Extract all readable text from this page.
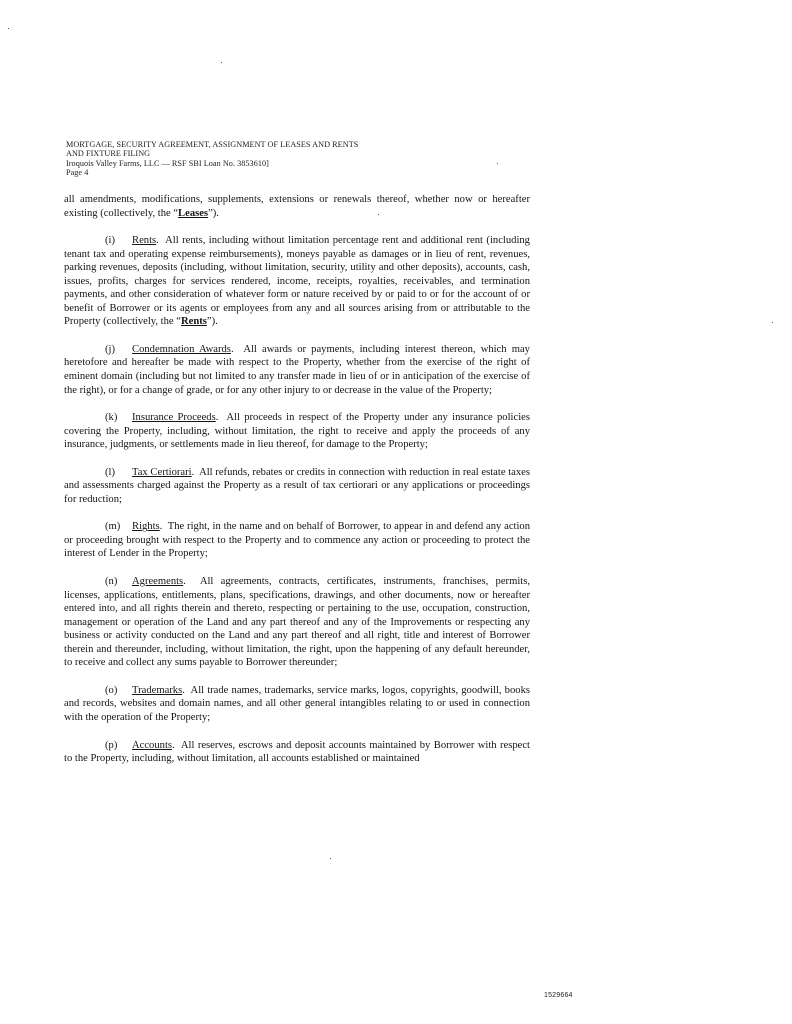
MORTGAGE, SECURITY AGREEMENT, ASSIGNMENT OF LEASES AND RENTS
AND FIXTURE FILING
Iroquois Valley Farms, LLC — RSF SBI Loan No. 3853610]
Page 4

all amendments, modifications, supplements, extensions or renewals thereof, whether now or hereafter existing (collectively, the “Leases”).

(i) Rents.  All rents, including without limitation percentage rent and additional rent (including tenant tax and operating expense reimbursements), moneys payable as damages or in lieu of rent, revenues, parking revenues, deposits (including, without limitation, security, utility and other deposits), accounts, cash, issues, profits, charges for services rendered, income, receipts, royalties, receivables, and termination payments, and other consideration of whatever form or nature received by or paid to or for the account of or benefit of Borrower or its agents or employees from any and all sources arising from or attributable to the Property (collectively, the “Rents”).

(j) Condemnation Awards.  All awards or payments, including interest thereon, which may heretofore and hereafter be made with respect to the Property, whether from the exercise of the right of eminent domain (including but not limited to any transfer made in lieu of or in anticipation of the exercise of the right), or for a change of grade, or for any other injury to or decrease in the value of the Property;

(k) Insurance Proceeds.  All proceeds in respect of the Property under any insurance policies covering the Property, including, without limitation, the right to receive and apply the proceeds of any insurance, judgments, or settlements made in lieu thereof, for damage to the Property;

(l) Tax Certiorari.  All refunds, rebates or credits in connection with reduction in real estate taxes and assessments charged against the Property as a result of tax certiorari or any applications or proceedings for reduction;

(m) Rights.  The right, in the name and on behalf of Borrower, to appear in and defend any action or proceeding brought with respect to the Property and to commence any action or proceeding to protect the interest of Lender in the Property;

(n) Agreements.  All agreements, contracts, certificates, instruments, franchises, permits, licenses, applications, entitlements, plans, specifications, drawings, and other documents, now or hereafter entered into, and all rights therein and thereto, respecting or pertaining to the use, occupation, construction, management or operation of the Land and any part thereof and any of the Improvements or respecting any business or activity conducted on the Land and any part thereof and all right, title and interest of Borrower therein and thereunder, including, without limitation, the right, upon the happening of any default hereunder, to receive and collect any sums payable to Borrower thereunder;

(o) Trademarks.  All trade names, trademarks, service marks, logos, copyrights, goodwill, books and records, websites and domain names, and all other general intangibles relating to or used in connection with the operation of the Property;

(p) Accounts.  All reserves, escrows and deposit accounts maintained by Borrower with respect to the Property, including, without limitation, all accounts established or maintained

1529664
